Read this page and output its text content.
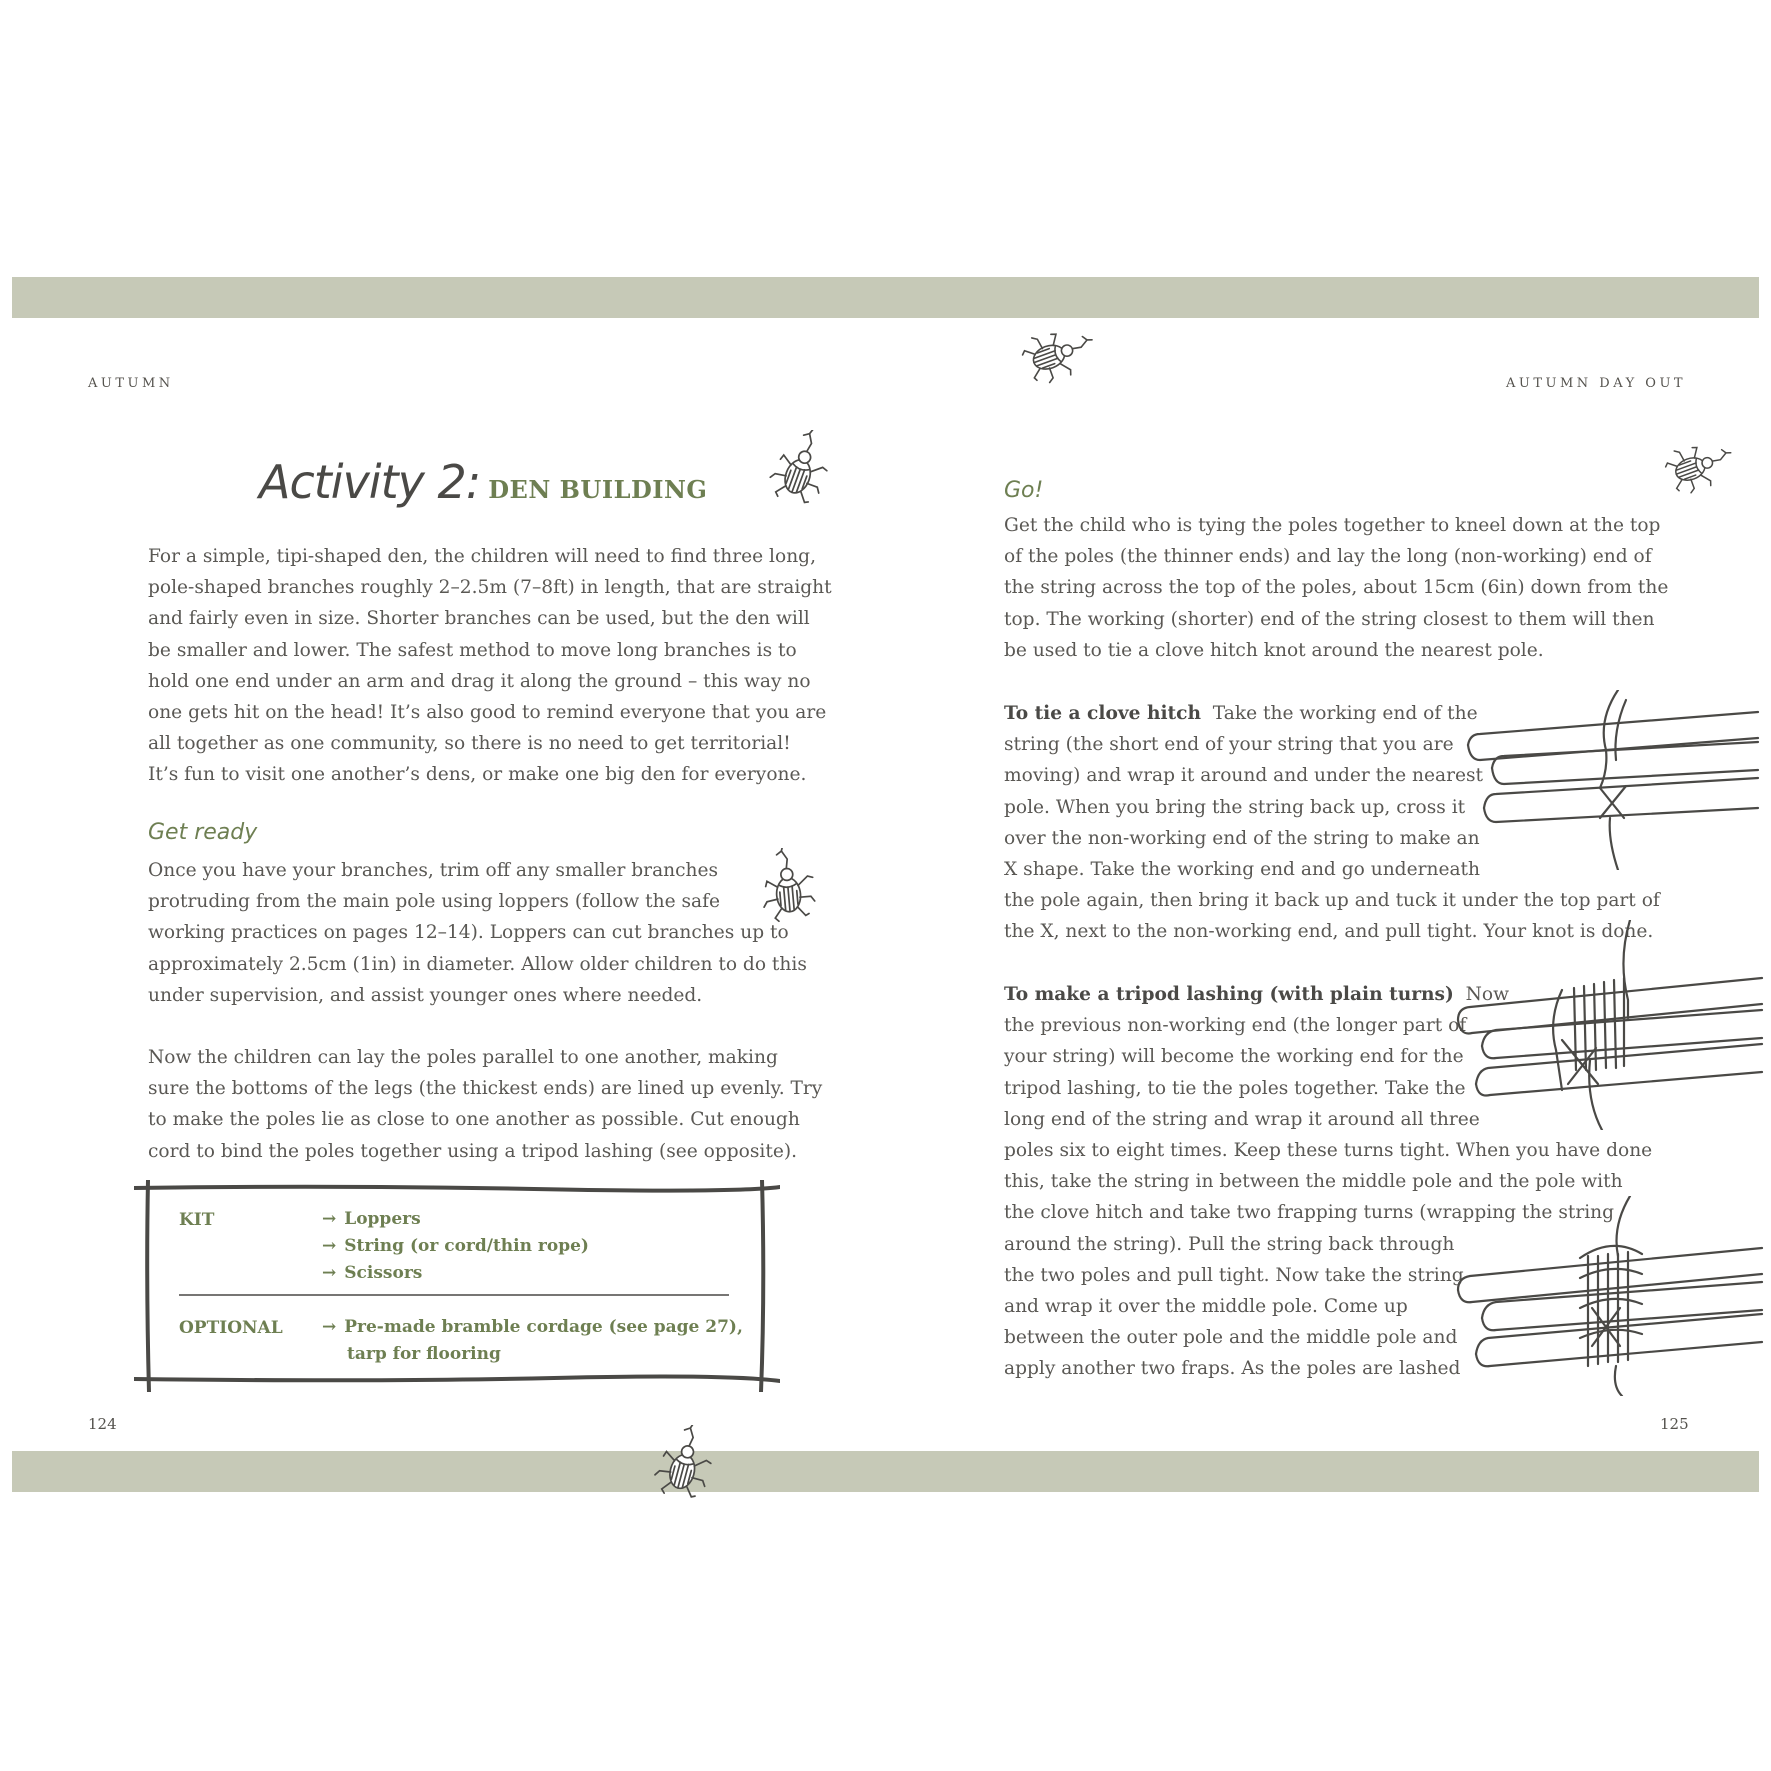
AUTUMN	AUTUMN DAY OUT
124	125
Activity 2: DEN BUILDING

For a simple, tipi-shaped den, the children will need to find three long,

pole-shaped branches roughly 2–2.5m (7–8ft) in length, that are straight

and fairly even in size. Shorter branches can be used, but the den will

be smaller and lower. The safest method to move long branches is to

hold one end under an arm and drag it along the ground – this way no

one gets hit on the head! It’s also good to remind everyone that you are

all together as one community, so there is no need to get territorial!

It’s fun to visit one another’s dens, or make one big den for everyone.

Get ready

Once you have your branches, trim off any smaller branches

protruding from the main pole using loppers (follow the safe

working practices on pages 12–14). Loppers can cut branches up to

approximately 2.5cm (1in) in diameter. Allow older children to do this

under supervision, and assist younger ones where needed.

Now the children can lay the poles parallel to one another, making

sure the bottoms of the legs (the thickest ends) are lined up evenly. Try

to make the poles lie as close to one another as possible. Cut enough

cord to bind the poles together using a tripod lashing (see opposite).

KIT	→ Loppers
→ String (or cord/thin rope)
→ Scissors
OPTIONAL	→ Pre-made bramble cordage (see page 27),
tarp for flooring
Go!

Get the child who is tying the poles together to kneel down at the top

of the poles (the thinner ends) and lay the long (non-working) end of

the string across the top of the poles, about 15cm (6in) down from the

top. The working (shorter) end of the string closest to them will then

be used to tie a clove hitch knot around the nearest pole.

To tie a clove hitch Take the working end of the

string (the short end of your string that you are

moving) and wrap it around and under the nearest

pole. When you bring the string back up, cross it

over the non-working end of the string to make an

X shape. Take the working end and go underneath

the pole again, then bring it back up and tuck it under the top part of

the X, next to the non-working end, and pull tight. Your knot is done.

To make a tripod lashing (with plain turns) Now

the previous non-working end (the longer part of

your string) will become the working end for the

tripod lashing, to tie the poles together. Take the

long end of the string and wrap it around all three

poles six to eight times. Keep these turns tight. When you have done

this, take the string in between the middle pole and the pole with

the clove hitch and take two frapping turns (wrapping the string

around the string). Pull the string back through

the two poles and pull tight. Now take the string

and wrap it over the middle pole. Come up

between the outer pole and the middle pole and

apply another two fraps. As the poles are lashed
